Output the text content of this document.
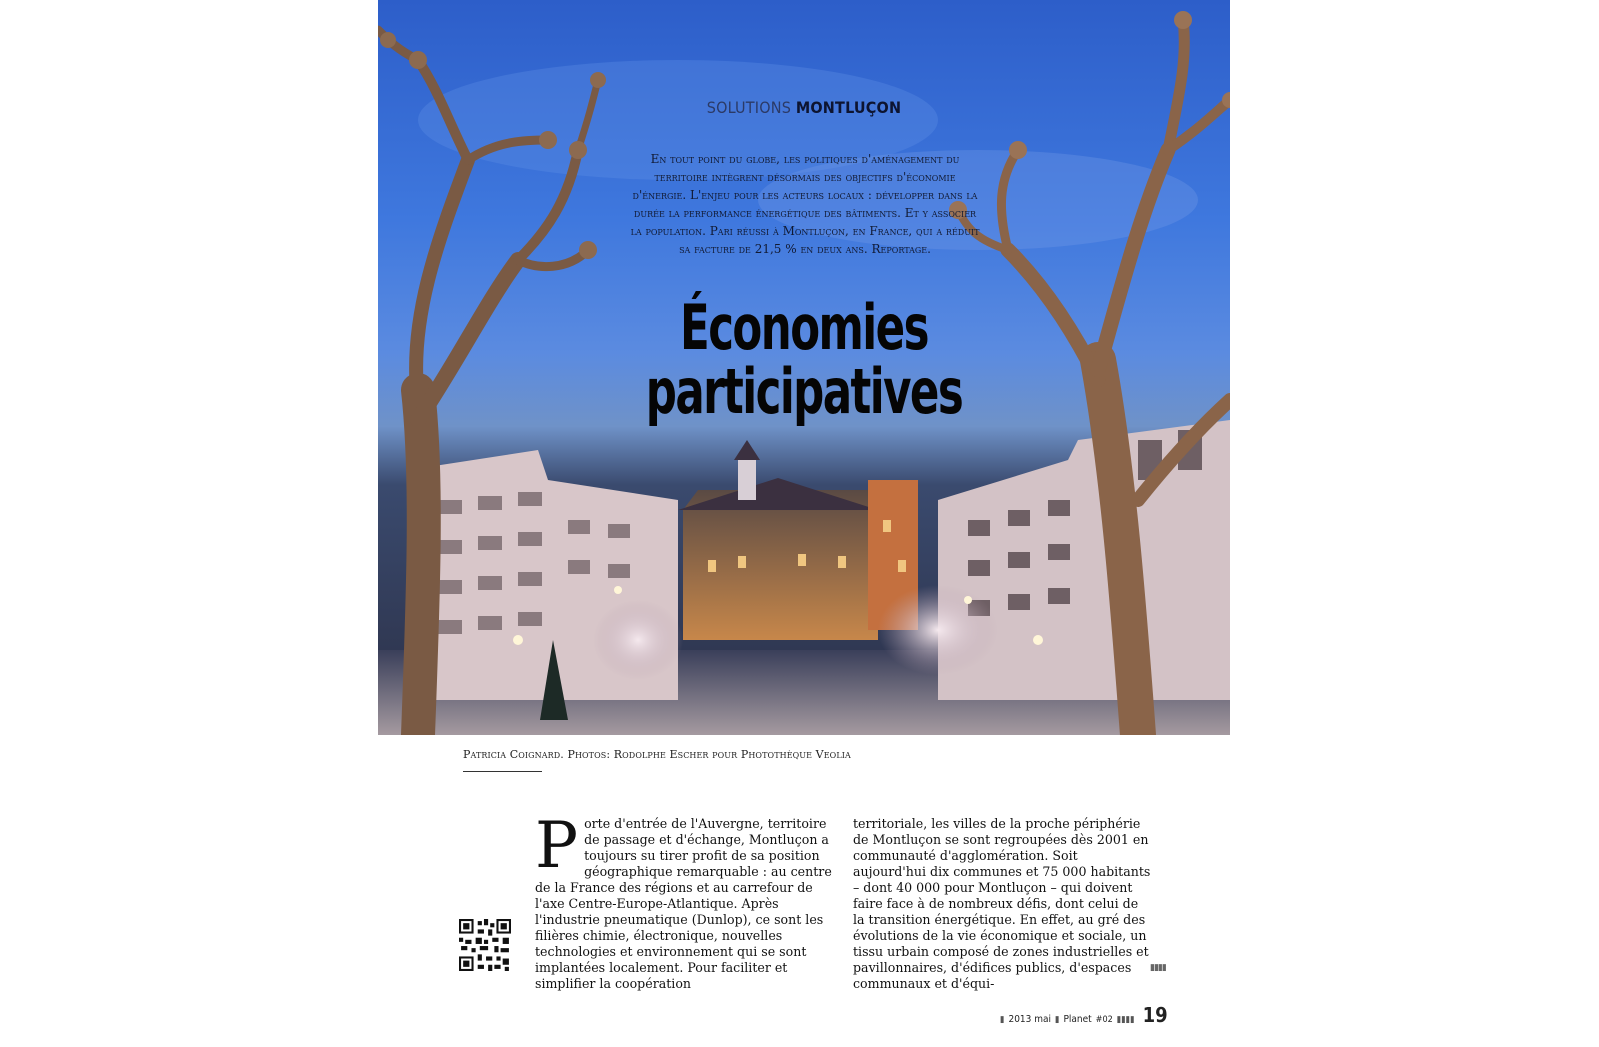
SOLUTIONS MONTLUÇON
En tout point du globe, les politiques d'aménagement du territoire intègrent désormais des objectifs d'économie d'énergie. L'enjeu pour les acteurs locaux : développer dans la durée la performance énergétique des bâtiments. Et y associer la population. Pari réussi à Montluçon, en France, qui a réduit sa facture de 21,5 % en deux ans. Reportage.
Économies
participatives
Patricia Coignard. Photos: Rodolphe Escher pour Photothèque Veolia
P orte d'entrée de l'Auvergne, territoire de passage et d'échange, Montluçon a toujours su tirer profit de sa position géographique remarquable : au centre de la France des régions et au carrefour de l'axe Centre-Europe-Atlantique. Après l'industrie pneumatique (Dunlop), ce sont les filières chimie, électronique, nouvelles technologies et environnement qui se sont implantées localement. Pour faciliter et simplifier la coopération

territoriale, les villes de la proche périphérie de Montluçon se sont regroupées dès 2001 en communauté d'agglomération. Soit aujourd'hui dix communes et 75 000 habitants – dont 40 000 pour Montluçon – qui doivent faire face à de nombreux défis, dont celui de la transition énergétique. En effet, au gré des évolutions de la vie économique et sociale, un tissu urbain composé de zones industrielles et pavillonnaires, d'édifices publics, d'espaces communaux et d'équi-

▮▮▮▮
▮ 2013 mai ▮ Planet #02 ▮▮▮▮ 19
